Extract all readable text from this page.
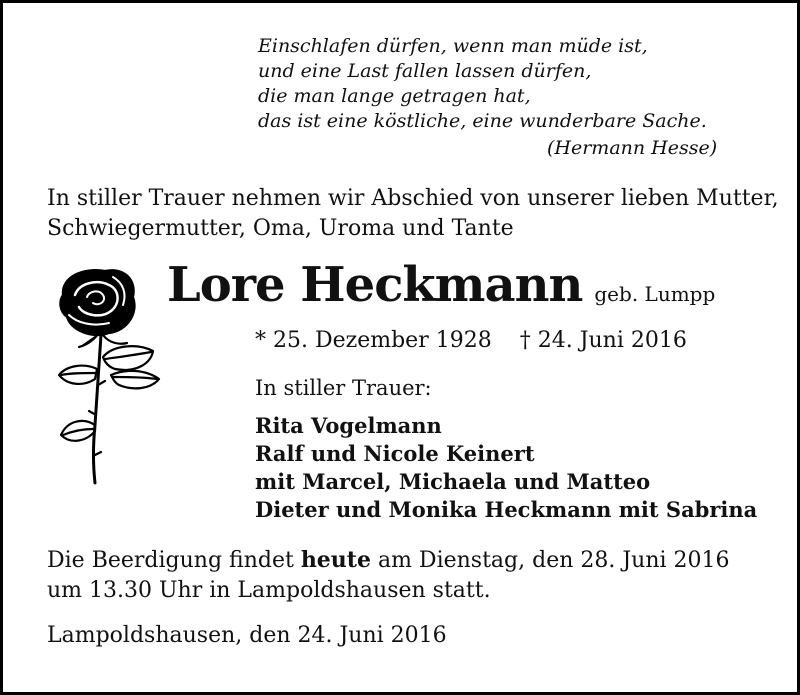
Einschlafen dürfen, wenn man müde ist,
und eine Last fallen lassen dürfen,
die man lange getragen hat,
das ist eine köstliche, eine wunderbare Sache.
(Hermann Hesse)
In stiller Trauer nehmen wir Abschied von unserer lieben Mutter,
Schwiegermutter, Oma, Uroma und Tante
Lore Heckmann geb. Lumpp
* 25. Dezember 1928 † 24. Juni 2016
In stiller Trauer:
Rita Vogelmann
Ralf und Nicole Keinert
mit Marcel, Michaela und Matteo
Dieter und Monika Heckmann mit Sabrina
Die Beerdigung findet heute am Dienstag, den 28. Juni 2016
um 13.30 Uhr in Lampoldshausen statt.
Lampoldshausen, den 24. Juni 2016
